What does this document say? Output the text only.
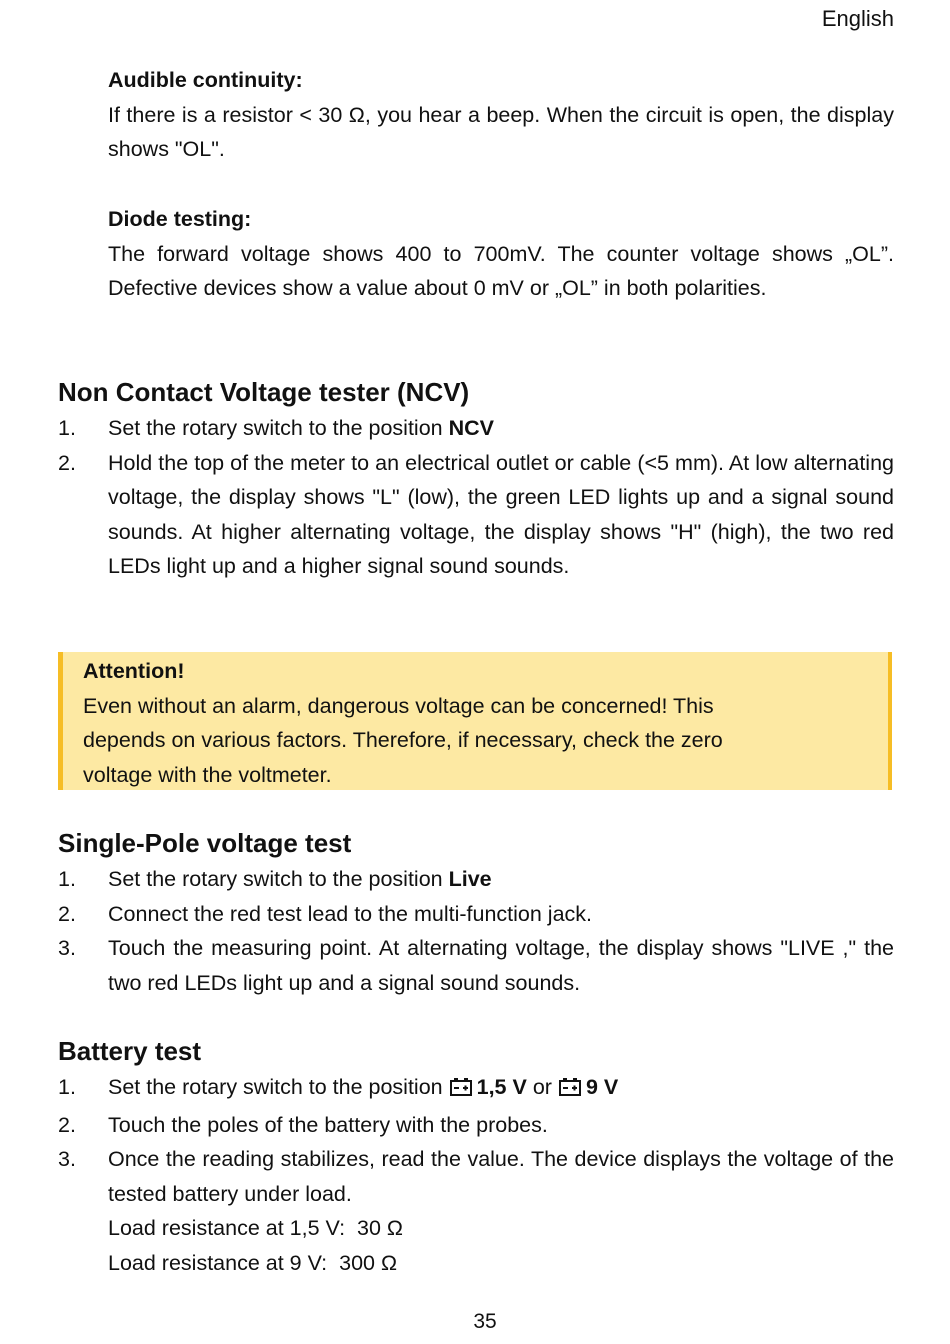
English
Audible continuity:
If there is a resistor < 30 Ω, you hear a beep. When the circuit is open, the display shows "OL".
Diode testing:
The forward voltage shows 400 to 700mV. The counter voltage shows „OL”. Defective devices show a value about 0 mV or „OL” in both polarities.
Non Contact Voltage tester (NCV)
1. Set the rotary switch to the position NCV
2. Hold the top of the meter to an electrical outlet or cable (<5 mm). At low alternating voltage, the display shows "L" (low), the green LED lights up and a signal sound sounds. At higher alternating voltage, the display shows "H" (high), the two red LEDs light up and a higher signal sound sounds.
Attention!
Even without an alarm, dangerous voltage can be concerned! This
depends on various factors. Therefore, if necessary, check the zero
voltage with the voltmeter.
Single-Pole voltage test
1. Set the rotary switch to the position Live
2. Connect the red test lead to the multi-function jack.
3. Touch the measuring point. At alternating voltage, the display shows "LIVE ," the two red LEDs light up and a signal sound sounds.
Battery test
1. Set the rotary switch to the position 1,5 V or 9 V
2. Touch the poles of the battery with the probes.
3. Once the reading stabilizes, read the value. The device displays the voltage of the tested battery under load.
Load resistance at 1,5 V: 30 Ω
Load resistance at 9 V: 300 Ω
35
